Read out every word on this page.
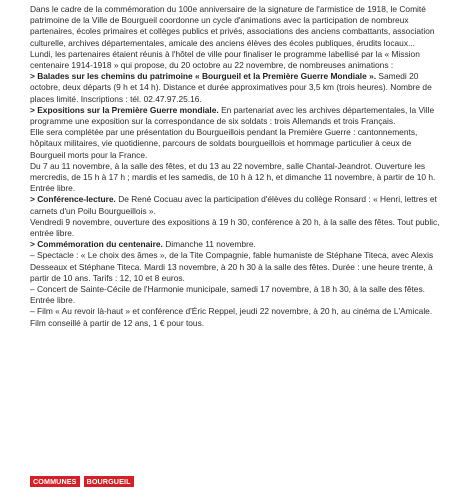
Dans le cadre de la commémoration du 100e anniversaire de la signature de l'armistice de 1918, le Comité patrimoine de la Ville de Bourgueil coordonne un cycle d'animations avec la participation de nombreux partenaires, écoles primaires et collèges publics et privés, associations des anciens combattants, association culturelle, archives départementales, amicale des anciens élèves des écoles publiques, érudits locaux...

Lundi, les partenaires étaient réunis à l'hôtel de ville pour finaliser le programme labellisé par la « Mission centenaire 1914-1918 » qui propose, du 20 octobre au 22 novembre, de nombreuses animations :

> Balades sur les chemins du patrimoine « Bourgueil et la Première Guerre Mondiale ». Samedi 20 octobre, deux départs (9 h et 14 h). Distance et durée approximatives pour 3,5 km (trois heures). Nombre de places limité. Inscriptions : tél. 02.47.97.25.16.

> Expositions sur la Première Guerre mondiale. En partenariat avec les archives départementales, la Ville programme une exposition sur la correspondance de six soldats : trois Allemands et trois Français.

Elle sera complétée par une présentation du Bourgueillois pendant la Première Guerre : cantonnements, hôpitaux militaires, vie quotidienne, parcours de soldats bourgueillois et hommage particulier à ceux de Bourgueil morts pour la France.

Du 7 au 11 novembre, à la salle des fêtes, et du 13 au 22 novembre, salle Chantal-Jeandrot. Ouverture les mercredis, de 15 h à 17 h ; mardis et les samedis, de 10 h à 12 h, et dimanche 11 novembre, à partir de 10 h. Entrée libre.

> Conférence-lecture. De René Cocuau avec la participation d'élèves du collège Ronsard : « Henri, lettres et carnets d'un Poilu Bourgueillois ».

Vendredi 9 novembre, ouverture des expositions à 19 h 30, conférence à 20 h, à la salle des fêtes. Tout public, entrée libre.

> Commémoration du centenaire. Dimanche 11 novembre.

– Spectacle : « Le choix des âmes », de la Tite Compagnie, fable humaniste de Stéphane Titeca, avec Alexis Desseaux et Stéphane Titeca. Mardi 13 novembre, à 20 h 30 à la salle des fêtes. Durée : une heure trente, à partir de 10 ans. Tarifs : 12, 10 et 8 euros.

– Concert de Sainte-Cécile de l'Harmonie municipale, samedi 17 novembre, à 18 h 30, à la salle des fêtes. Entrée libre.

– Film « Au revoir là-haut » et conférence d'Éric Reppel, jeudi 22 novembre, à 20 h, au cinéma de L'Amicale. Film conseillé à partir de 12 ans, 1 € pour tous.

COMMUNES	BOURGUEIL
